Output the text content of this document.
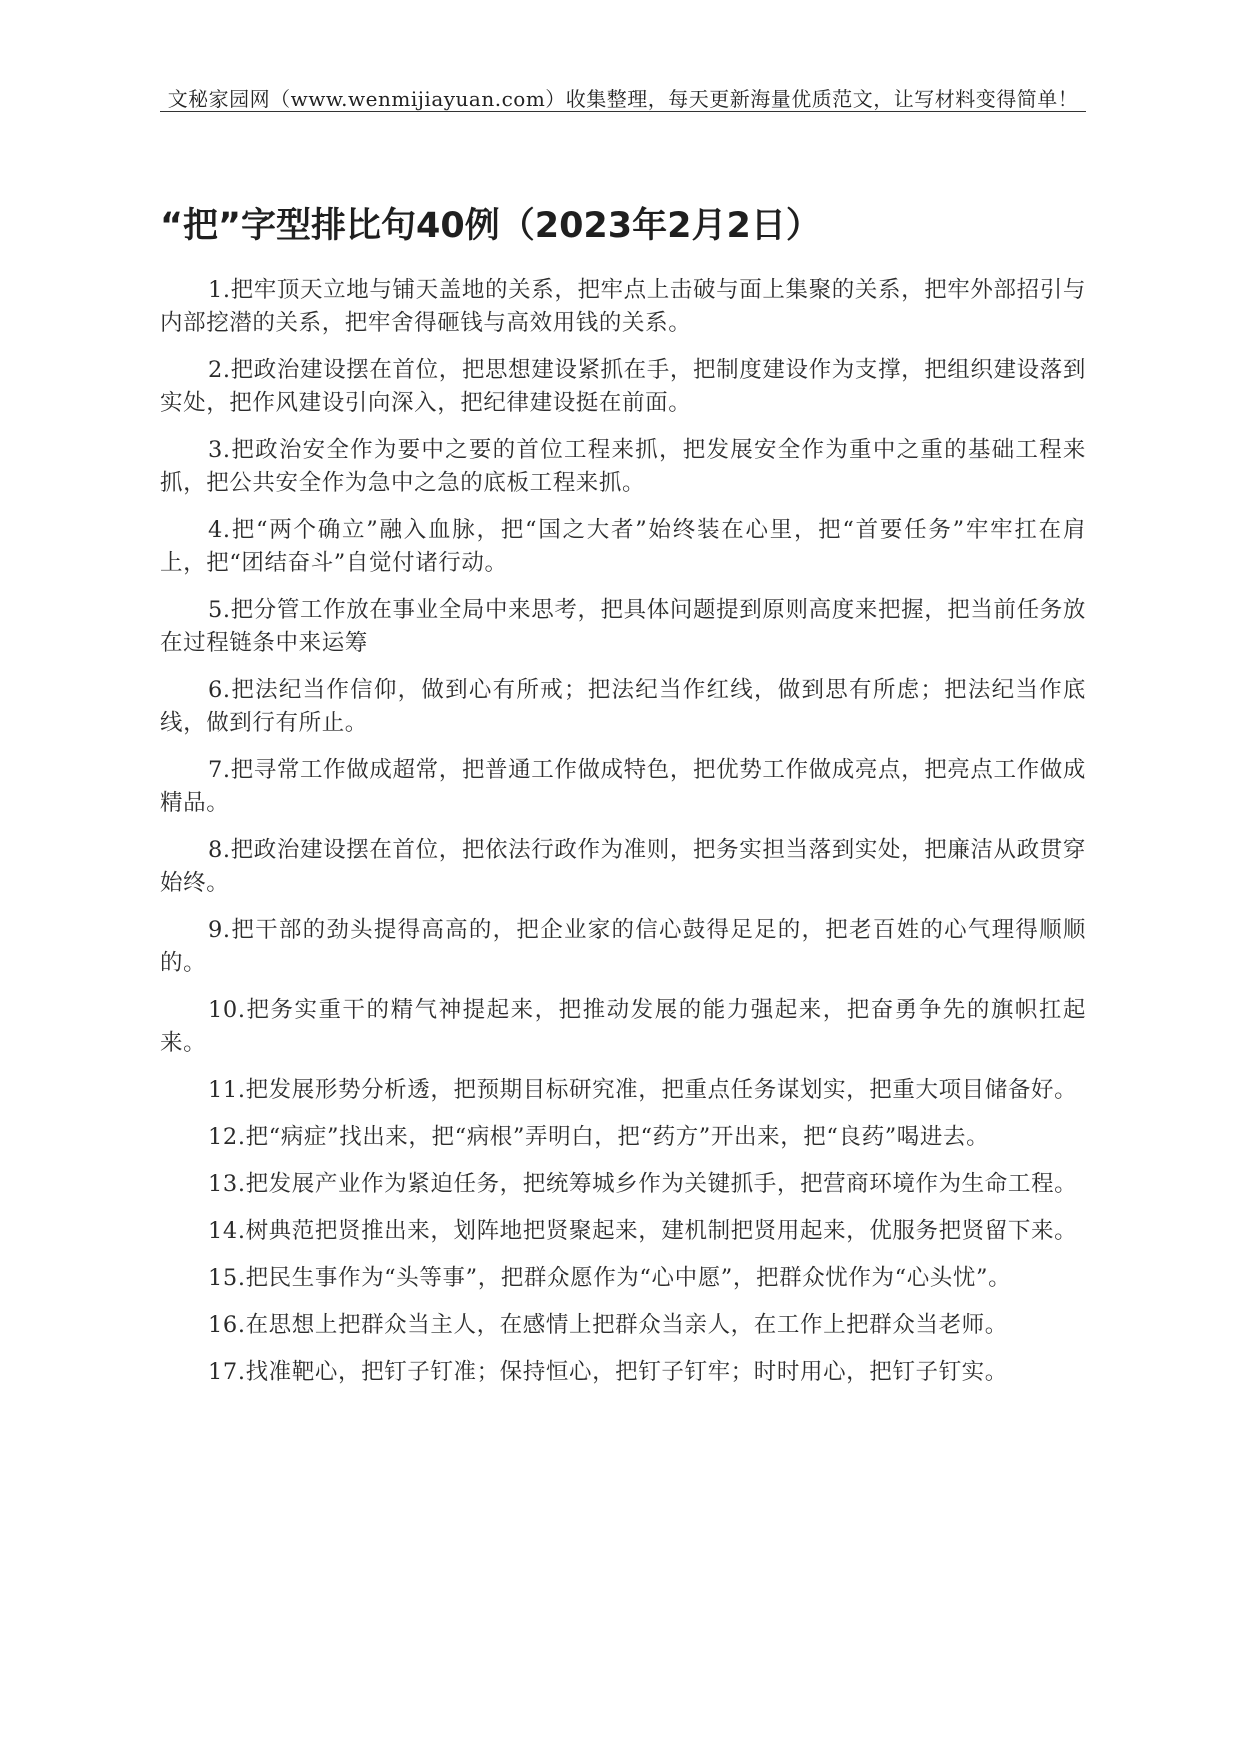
文秘家园网（www.wenmijiayuan.com）收集整理，每天更新海量优质范文，让写材料变得简单！
“把”字型排比句40例（2023年2月2日）

1.把牢顶天立地与铺天盖地的关系，把牢点上击破与面上集聚的关系，把牢外部招引与内部挖潜的关系，把牢舍得砸钱与高效用钱的关系。

2.把政治建设摆在首位，把思想建设紧抓在手，把制度建设作为支撑，把组织建设落到实处，把作风建设引向深入，把纪律建设挺在前面。

3.把政治安全作为要中之要的首位工程来抓，把发展安全作为重中之重的基础工程来抓，把公共安全作为急中之急的底板工程来抓。

4.把“两个确立”融入血脉，把“国之大者”始终装在心里，把“首要任务”牢牢扛在肩上，把“团结奋斗”自觉付诸行动。

5.把分管工作放在事业全局中来思考，把具体问题提到原则高度来把握，把当前任务放在过程链条中来运筹

6.把法纪当作信仰，做到心有所戒；把法纪当作红线，做到思有所虑；把法纪当作底线，做到行有所止。

7.把寻常工作做成超常，把普通工作做成特色，把优势工作做成亮点，把亮点工作做成精品。

8.把政治建设摆在首位，把依法行政作为准则，把务实担当落到实处，把廉洁从政贯穿始终。

9.把干部的劲头提得高高的，把企业家的信心鼓得足足的，把老百姓的心气理得顺顺的。

10.把务实重干的精气神提起来，把推动发展的能力强起来，把奋勇争先的旗帜扛起来。

11.把发展形势分析透，把预期目标研究准，把重点任务谋划实，把重大项目储备好。

12.把“病症”找出来，把“病根”弄明白，把“药方”开出来，把“良药”喝进去。

13.把发展产业作为紧迫任务，把统筹城乡作为关键抓手，把营商环境作为生命工程。

14.树典范把贤推出来，划阵地把贤聚起来，建机制把贤用起来，优服务把贤留下来。

15.把民生事作为“头等事”，把群众愿作为“心中愿”，把群众忧作为“心头忧”。

16.在思想上把群众当主人，在感情上把群众当亲人，在工作上把群众当老师。

17.找准靶心，把钉子钉准；保持恒心，把钉子钉牢；时时用心，把钉子钉实。
